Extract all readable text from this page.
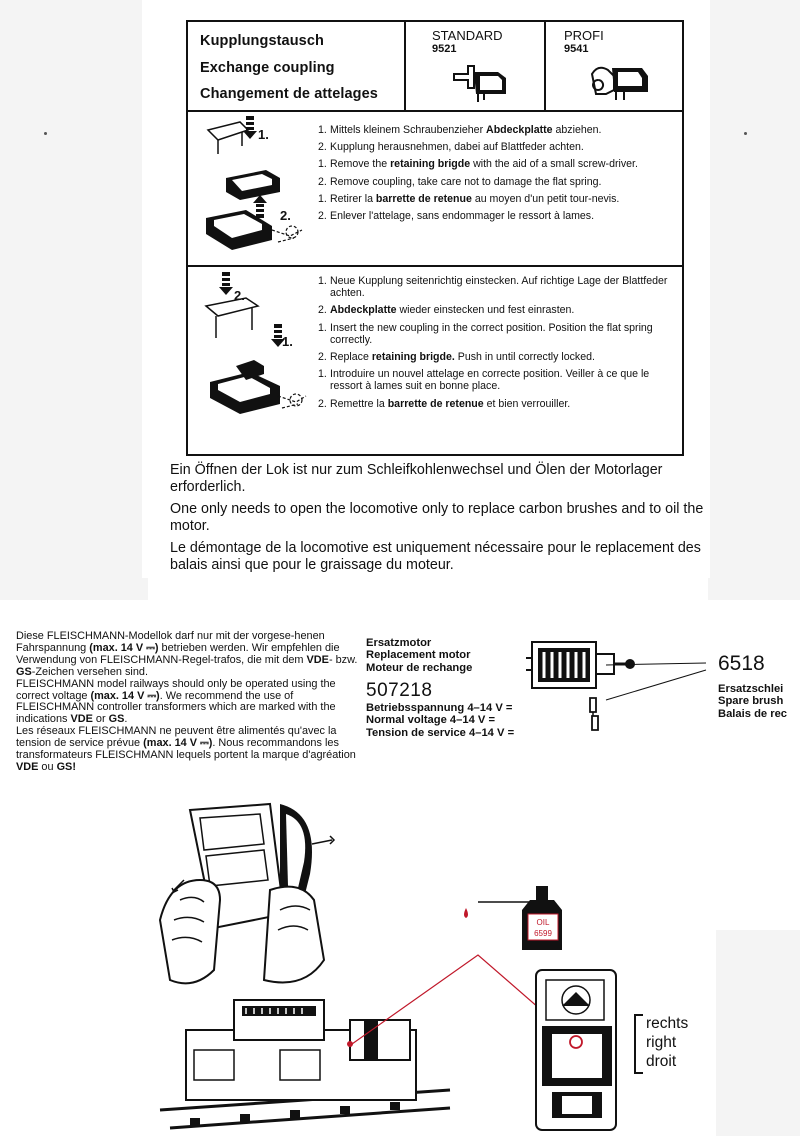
Kupplungstausch
Exchange coupling
Changement de attelages
STANDARD
9521
PROFI
9541
1.
2.
2.
1.
1. Mittels kleinem Schraubenzieher Abdeckplatte abziehen.
2. Kupplung herausnehmen, dabei auf Blattfeder achten.
1. Remove the retaining brigde with the aid of a small screw-driver.
2. Remove coupling, take care not to damage the flat spring.
1. Retirer la barrette de retenue au moyen d'un petit tour-nevis.
2. Enlever l'attelage, sans endommager le ressort à lames.
1. Neue Kupplung seitenrichtig einstecken. Auf richtige Lage der Blattfeder achten.
2. Abdeckplatte wieder einstecken und fest einrasten.
1. Insert the new coupling in the correct position. Position the flat spring correctly.
2. Replace retaining brigde. Push in until correctly locked.
1. Introduire un nouvel attelage en correcte position. Veiller à ce que le ressort à lames suit en bonne place.
2. Remettre la barrette de retenue et bien verrouiller.

Ein Öffnen der Lok ist nur zum Schleifkohlenwechsel und Ölen der Motorlager erforderlich.

One only needs to open the locomotive only to replace carbon brushes and to oil the motor.

Le démontage de la locomotive est uniquement nécessaire pour le replacement des balais ainsi que pour le graissage du moteur.

Diese FLEISCHMANN-Modellok darf nur mit der vorgese-henen Fahrspannung (max. 14 V ⎓) betrieben werden. Wir empfehlen die Verwendung von FLEISCHMANN-Regel-trafos, die mit dem VDE- bzw. GS-Zeichen versehen sind.

FLEISCHMANN model railways should only be operated using the correct voltage (max. 14 V ⎓). We recommend the use of FLEISCHMANN controller transformers which are marked with the indications VDE or GS.

Les réseaux FLEISCHMANN ne peuvent être alimentés qu'avec la tension de service prévue (max. 14 V ⎓). Nous recommandons les transformateurs FLEISCHMANN lequels portent la marque d'agréation VDE ou GS!

Ersatzmotor
Replacement motor
Moteur de rechange
507218
Betriebsspannung 4–14 V =
Normal voltage 4–14 V =
Tension de service 4–14 V =
6518
Ersatzschlei
Spare brush
Balais de rec
OIL
6599
rechts
right
droit
